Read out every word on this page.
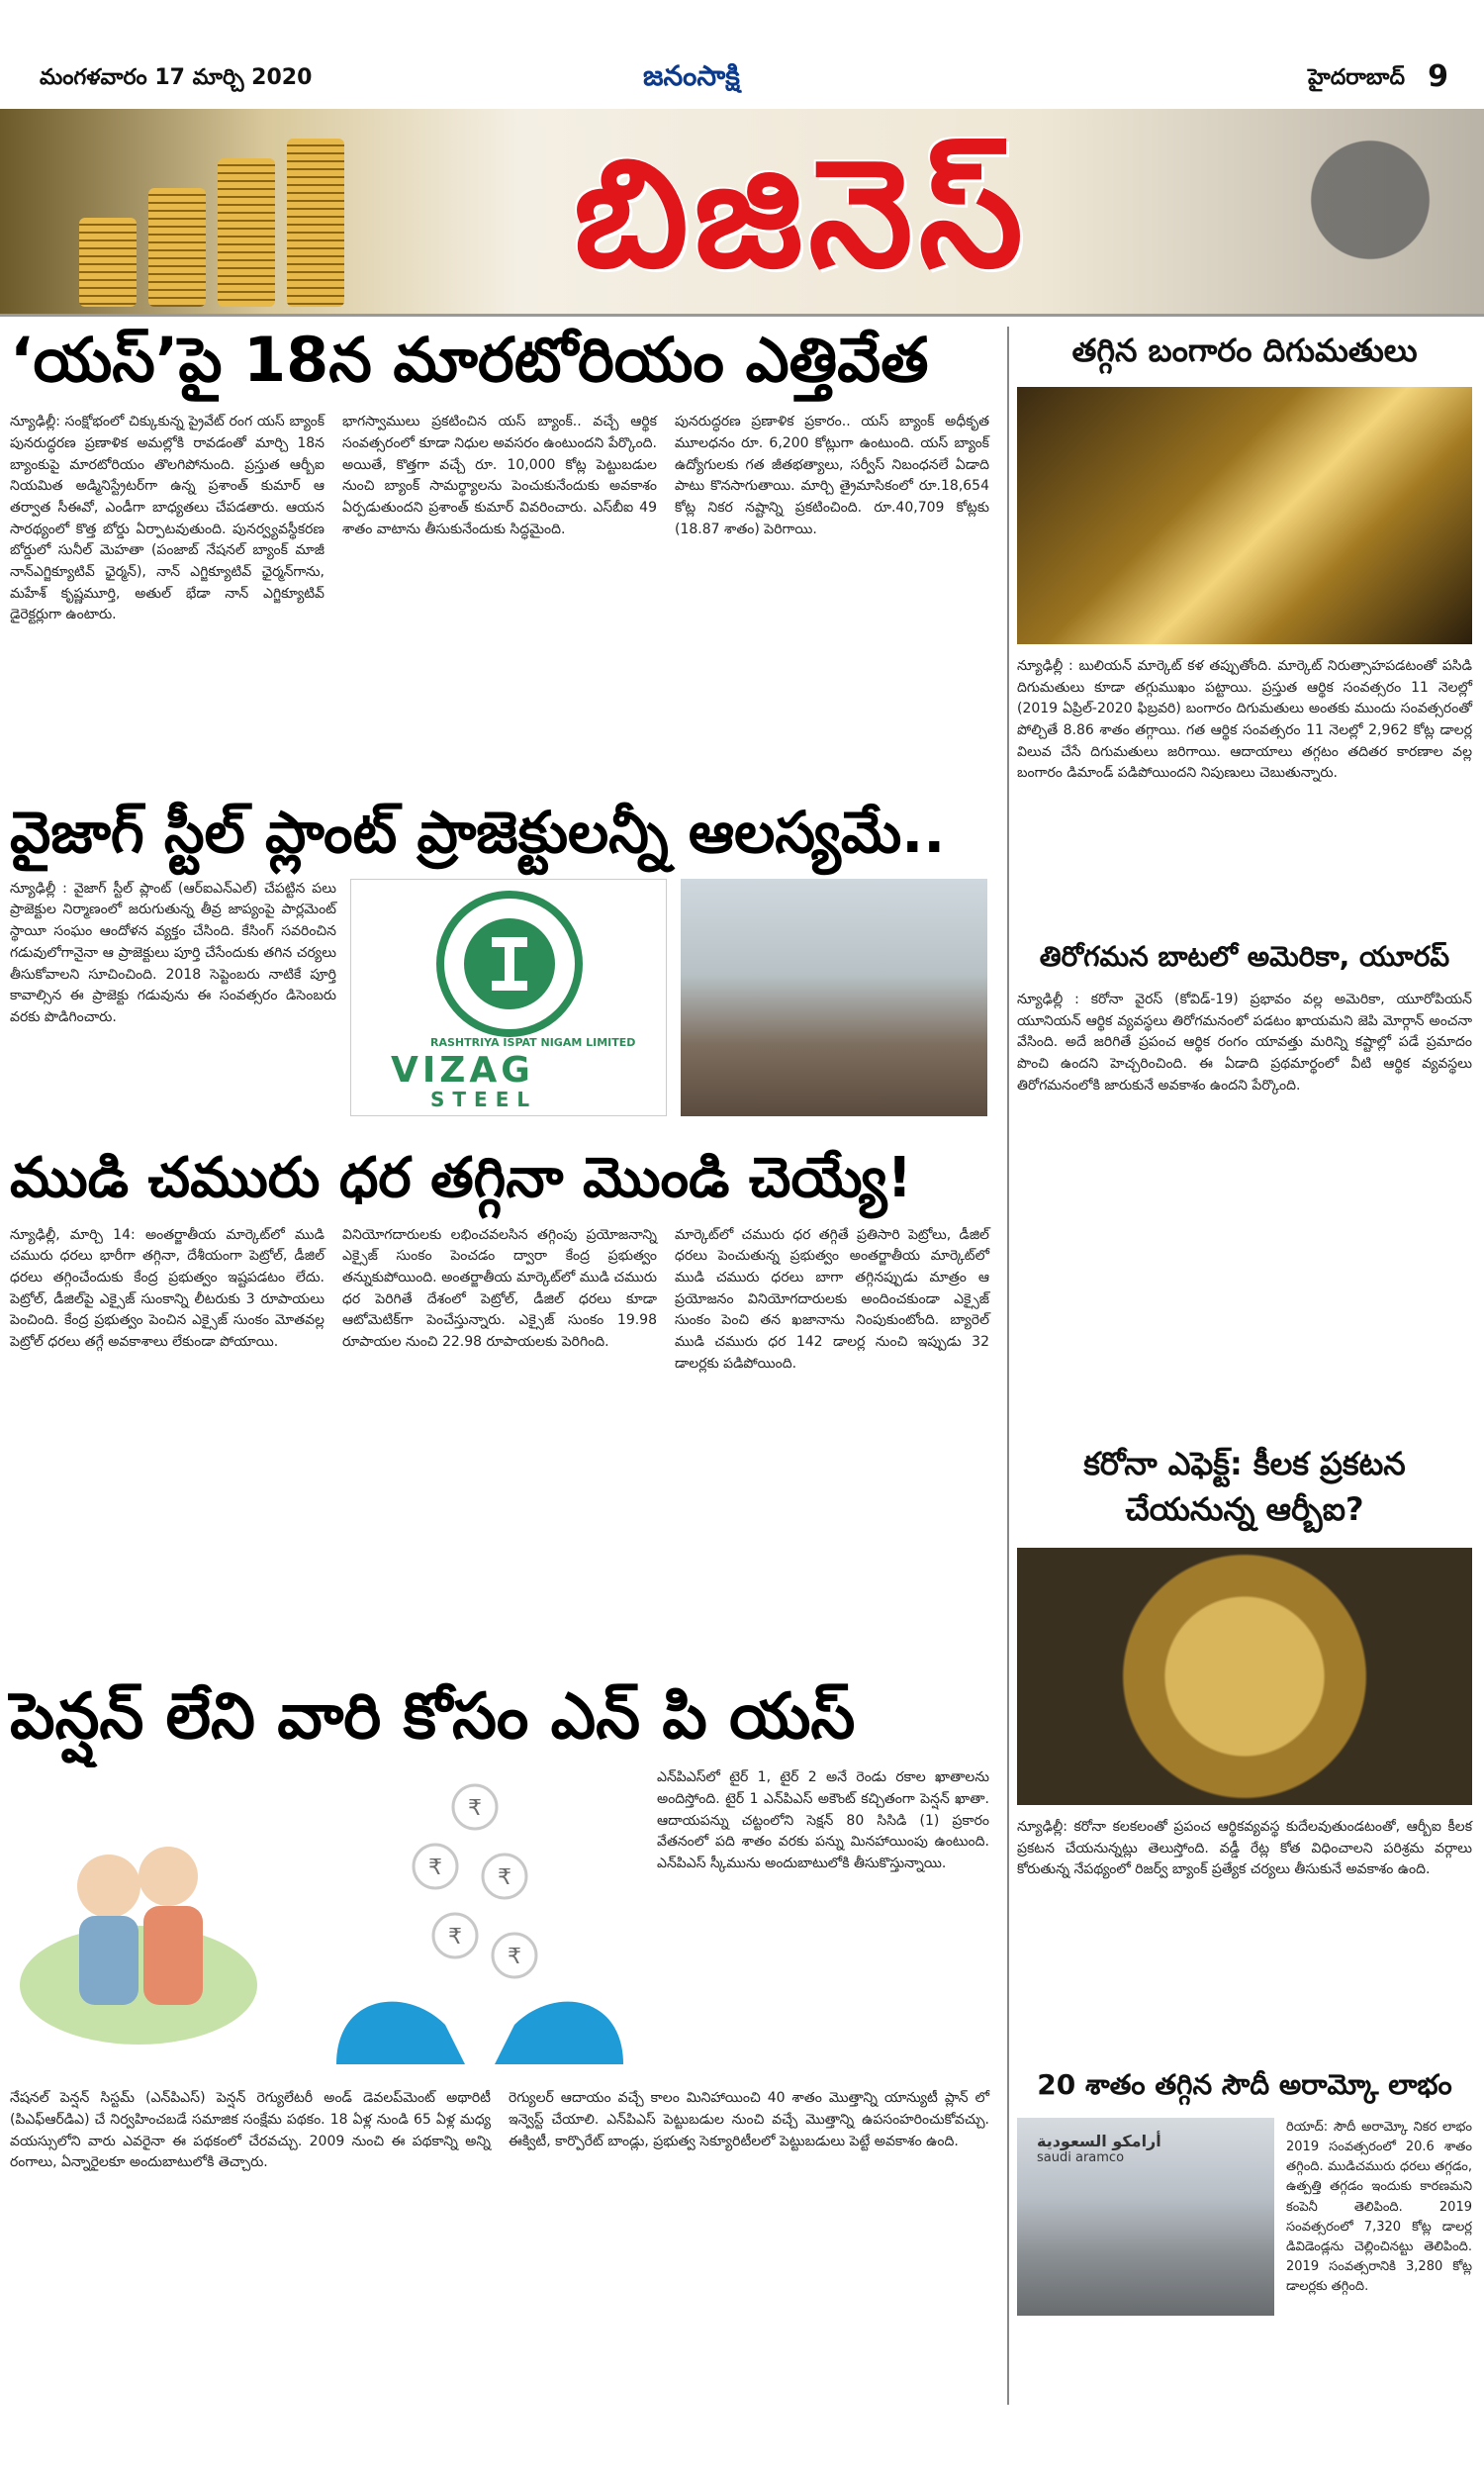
మంగళవారం 17 మార్చి 2020	జనంసాక్షి	హైదరాబాద్ 9
బిజినెస్
‘యస్’పై 18న మారటోరియం ఎత్తివేత

న్యూఢిల్లీ: సంక్షోభంలో చిక్కుకున్న ప్రైవేట్‌ రంగ యస్‌ బ్యాంక్‌ పునరుద్ధరణ ప్రణాళిక అమల్లోకి రావడంతో మార్చి 18న బ్యాంకుపై మారటోరియం తొలగిపోనుంది. ప్రస్తుత ఆర్బీఐ నియమిత అడ్మినిస్ట్రేటర్‌గా ఉన్న ప్రశాంత్‌ కుమార్‌ ఆ తర్వాత సీఈవో, ఎండీగా బాధ్యతలు చేపడతారు. ఆయన సారథ్యంలో కొత్త బోర్డు ఏర్పాటవుతుంది. పునర్వ్యవస్థీకరణ బోర్డులో సునీల్‌ మెహతా (పంజాబ్‌ నేషనల్‌ బ్యాంక్‌ మాజీ నాన్‌ఎగ్జిక్యూటివ్‌ ఛైర్మన్‌), నాన్‌ ఎగ్జిక్యూటివ్‌ ఛైర్మన్‌గాను, మహేశ్‌ కృష్ణమూర్తి, అతుల్‌ భేడా నాన్‌ ఎగ్జిక్యూటివ్‌ డైరెక్టర్లుగా ఉంటారు.

భాగస్వాములు ప్రకటించిన యస్‌ బ్యాంక్‌.. వచ్చే ఆర్థిక సంవత్సరంలో కూడా నిధుల అవసరం ఉంటుందని పేర్కొంది. అయితే, కొత్తగా వచ్చే రూ. 10,000 కోట్ల పెట్టుబడుల నుంచి బ్యాంక్‌ సామర్థ్యాలను పెంచుకునేందుకు అవకాశం ఏర్పడుతుందని ప్రశాంత్‌ కుమార్‌ వివరించారు. ఎస్‌బీఐ 49 శాతం వాటాను తీసుకునేందుకు సిద్ధమైంది.

పునరుద్ధరణ ప్రణాళిక ప్రకారం.. యస్‌ బ్యాంక్‌ అధీకృత మూలధనం రూ. 6,200 కోట్లుగా ఉంటుంది. యస్‌ బ్యాంక్‌ ఉద్యోగులకు గత జీతభత్యాలు, సర్వీస్‌ నిబంధనలే ఏడాది పాటు కొనసాగుతాయి. మార్చి త్రైమాసికంలో రూ.18,654 కోట్ల నికర నష్టాన్ని ప్రకటించింది. రూ.40,709 కోట్లకు (18.87 శాతం) పెరిగాయి.

తగ్గిన బంగారం దిగుమతులు

న్యూఢిల్లీ : బులియన్‌ మార్కెట్‌ కళ తప్పుతోంది. మార్కెట్‌ నిరుత్సాహపడటంతో పసిడి దిగుమతులు కూడా తగ్గుముఖం పట్టాయి. ప్రస్తుత ఆర్థిక సంవత్సరం 11 నెలల్లో (2019 ఏప్రిల్‌-2020 ఫిబ్రవరి) బంగారం దిగుమతులు అంతకు ముందు సంవత్సరంతో పోల్చితే 8.86 శాతం తగ్గాయి. గత ఆర్థిక సంవత్సరం 11 నెలల్లో 2,962 కోట్ల డాలర్ల విలువ చేసే దిగుమతులు జరిగాయి. ఆదాయాలు తగ్గటం తదితర కారణాల వల్ల బంగారం డిమాండ్‌ పడిపోయిందని నిపుణులు చెబుతున్నారు.

తిరోగమన బాటలో అమెరికా, యూరప్‌

న్యూఢిల్లీ : కరోనా వైరస్‌ (కోవిడ్‌-19) ప్రభావం వల్ల అమెరికా, యూరోపియన్‌ యూనియన్‌ ఆర్థిక వ్యవస్థలు తిరోగమనంలో పడటం ఖాయమని జెపి మోర్గాన్‌ అంచనా వేసింది. అదే జరిగితే ప్రపంచ ఆర్థిక రంగం యావత్తు మరిన్ని కష్టాల్లో పడే ప్రమాదం పొంచి ఉందని హెచ్చరించింది. ఈ ఏడాది ప్రథమార్థంలో వీటి ఆర్థిక వ్యవస్థలు తిరోగమనంలోకి జారుకునే అవకాశం ఉందని పేర్కొంది.

కరోనా ఎఫెక్ట్‌: కీలక ప్రకటన చేయనున్న ఆర్బీఐ?

న్యూఢిల్లీ: కరోనా కలకలంతో ప్రపంచ ఆర్థికవ్యవస్థ కుదేలవుతుండటంతో, ఆర్బీఐ కీలక ప్రకటన చేయనున్నట్లు తెలుస్తోంది. వడ్డీ రేట్ల కోత విధించాలని పరిశ్రమ వర్గాలు కోరుతున్న నేపథ్యంలో రిజర్వ్‌ బ్యాంక్‌ ప్రత్యేక చర్యలు తీసుకునే అవకాశం ఉంది.

20 శాతం తగ్గిన సౌదీ అరామ్కో లాభం
أرامكو السعودية
saudi aramco

రియాద్‌: సౌదీ అరామ్కో నికర లాభం 2019 సంవత్సరంలో 20.6 శాతం తగ్గింది. ముడిచమురు ధరలు తగ్గడం, ఉత్పత్తి తగ్గడం ఇందుకు కారణమని కంపెనీ తెలిపింది. 2019 సంవత్సరంలో 7,320 కోట్ల డాలర్ల డివిడెండ్లను చెల్లించినట్టు తెలిపింది. 2019 సంవత్సరానికి 3,280 కోట్ల డాలర్లకు తగ్గింది.

వైజాగ్‌ స్టీల్‌ ప్లాంట్‌ ప్రాజెక్టులన్నీ ఆలస్యమే..

న్యూఢిల్లీ : వైజాగ్‌ స్టీల్‌ ప్లాంట్‌ (ఆర్‌ఐఎన్‌ఎల్‌) చేపట్టిన పలు ప్రాజెక్టుల నిర్మాణంలో జరుగుతున్న తీవ్ర జాప్యంపై పార్లమెంట్‌ స్థాయీ సంఘం ఆందోళన వ్యక్తం చేసింది. కేసింగ్‌ సవరించిన గడువులోగానైనా ఆ ప్రాజెక్టులు పూర్తి చేసేందుకు తగిన చర్యలు తీసుకోవాలని సూచించింది. 2018 సెప్టెంబరు నాటికే పూర్తి కావాల్సిన ఈ ప్రాజెక్టు గడువును ఈ సంవత్సరం డిసెంబరు వరకు పొడిగించారు.

RASHTRIYA ISPAT NIGAM LIMITED
VIZAG
STEEL
ముడి చమురు ధర తగ్గినా మొండి చెయ్యే!

న్యూఢిల్లీ, మార్చి 14: అంతర్జాతీయ మార్కెట్‌లో ముడి చమురు ధరలు భారీగా తగ్గినా, దేశీయంగా పెట్రోల్‌, డీజిల్‌ ధరలు తగ్గించేందుకు కేంద్ర ప్రభుత్వం ఇష్టపడటం లేదు. పెట్రోల్‌, డీజిల్‌పై ఎక్సైజ్‌ సుంకాన్ని లీటరుకు 3 రూపాయలు పెంచింది. కేంద్ర ప్రభుత్వం పెంచిన ఎక్సైజ్‌ సుంకం మోతవల్ల పెట్రోల్‌ ధరలు తగ్గే అవకాశాలు లేకుండా పోయాయి.

వినియోగదారులకు లభించవలసిన తగ్గింపు ప్రయోజనాన్ని ఎక్సైజ్‌ సుంకం పెంచడం ద్వారా కేంద్ర ప్రభుత్వం తన్నుకుపోయింది. అంతర్జాతీయ మార్కెట్‌లో ముడి చమురు ధర పెరిగితే దేశంలో పెట్రోల్‌, డీజిల్‌ ధరలు కూడా ఆటోమెటిక్‌గా పెంచేస్తున్నారు. ఎక్సైజ్‌ సుంకం 19.98 రూపాయల నుంచి 22.98 రూపాయలకు పెరిగింది.

మార్కెట్‌లో చమురు ధర తగ్గితే ప్రతిసారి పెట్రోలు, డీజిల్‌ ధరలు పెంచుతున్న ప్రభుత్వం అంతర్జాతీయ మార్కెట్‌లో ముడి చమురు ధరలు బాగా తగ్గినప్పుడు మాత్రం ఆ ప్రయోజనం వినియోగదారులకు అందించకుండా ఎక్సైజ్‌ సుంకం పెంచి తన ఖజానాను నింపుకుంటోంది. బ్యారెల్‌ ముడి చమురు ధర 142 డాలర్ల నుంచి ఇప్పుడు 32 డాలర్లకు పడిపోయింది.

పెన్షన్‌ లేని వారి కోసం ఎన్‌ పి యస్‌
₹
₹	₹
₹
₹

ఎన్‌పిఎస్‌లో టైర్‌ 1, టైర్‌ 2 అనే రెండు రకాల ఖాతాలను అందిస్తోంది. టైర్‌ 1 ఎన్‌పిఎస్‌ అకౌంట్‌ కచ్చితంగా పెన్షన్‌ ఖాతా. ఆదాయపన్ను చట్టంలోని సెక్షన్‌ 80 సిసిడి (1) ప్రకారం వేతనంలో పది శాతం వరకు పన్ను మినహాయింపు ఉంటుంది. ఎన్‌పిఎస్‌ స్కీమును అందుబాటులోకి తీసుకొస్తున్నాయి.

నేషనల్‌ పెన్షన్‌ సిస్టమ్‌ (ఎన్‌పిఎస్‌) పెన్షన్‌ రెగ్యులేటరీ అండ్‌ డెవలప్‌మెంట్‌ అథారిటీ (పిఎఫ్‌ఆర్‌డిఎ) చే నిర్వహించబడే సమాజిక సంక్షేమ పథకం. 18 ఏళ్ల నుండి 65 ఏళ్ల మధ్య వయస్సులోని వారు ఎవరైనా ఈ పథకంలో చేరవచ్చు. 2009 నుంచి ఈ పథకాన్ని అన్ని రంగాలు, ఏన్నారైలకూ అందుబాటులోకి తెచ్చారు.

రెగ్యులర్‌ ఆదాయం వచ్చే కాలం మినిహాయించి 40 శాతం మొత్తాన్ని యాన్యుటీ ప్లాన్‌ లో ఇన్వెస్ట్‌ చేయాలి. ఎన్‌పిఎస్‌ పెట్టుబడుల నుంచి వచ్చే మొత్తాన్ని ఉపసంహరించుకోవచ్చు. ఈక్విటీ, కార్పొరేట్‌ బాండ్లు, ప్రభుత్వ సెక్యూరిటీలలో పెట్టుబడులు పెట్టే అవకాశం ఉంది.
